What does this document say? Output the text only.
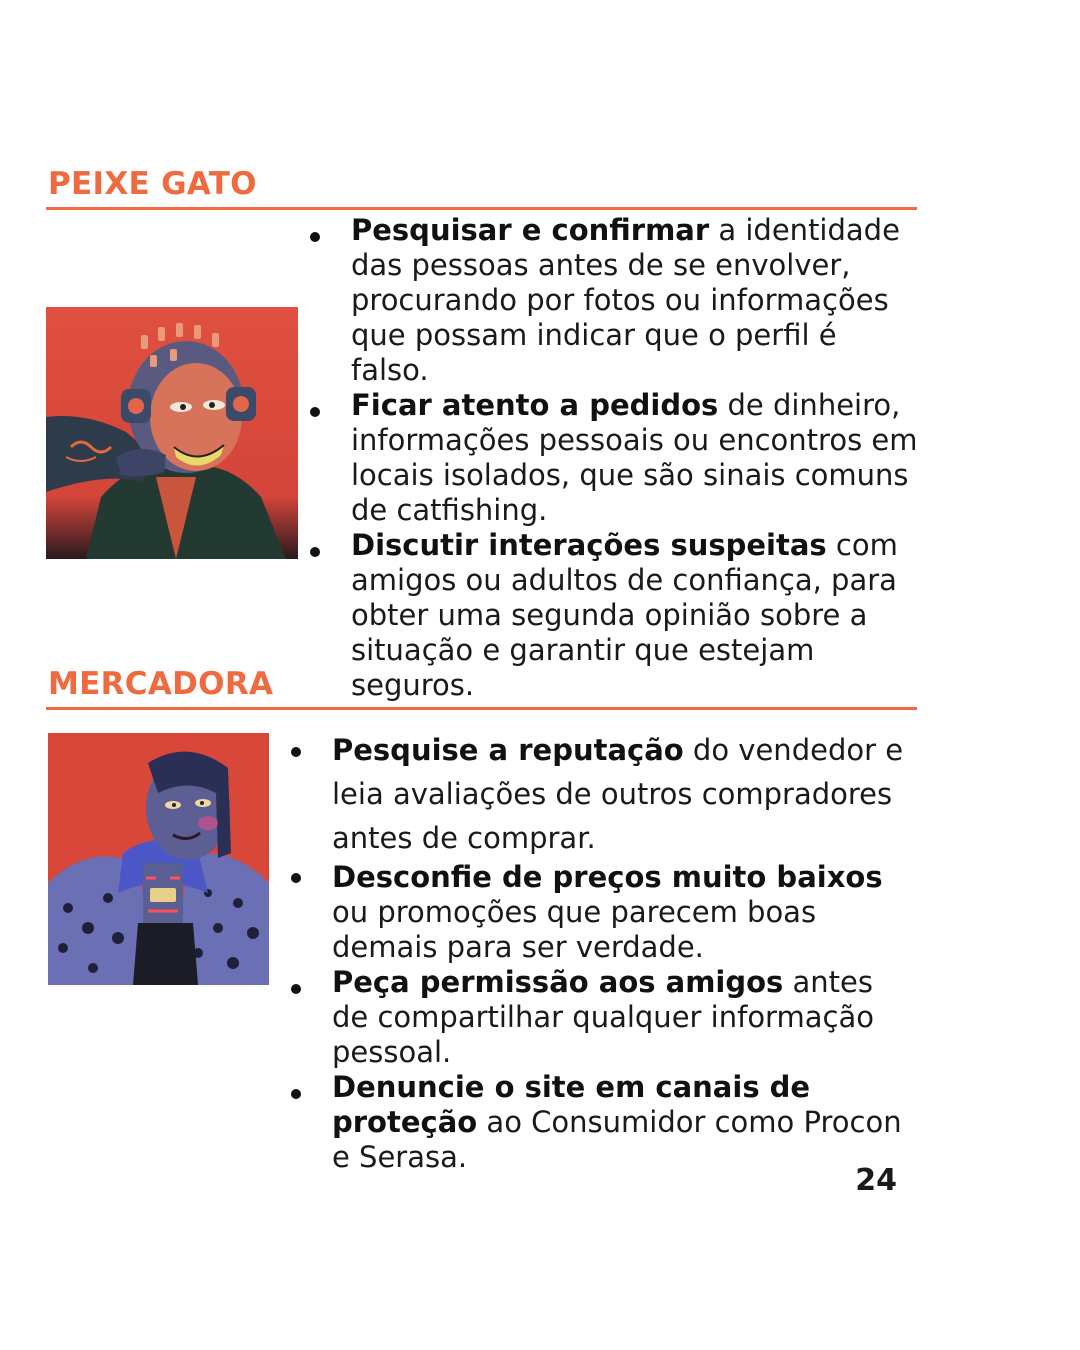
PEIXE GATO
Pesquisar e confirmar a identidade das pessoas antes de se envolver, procurando por fotos ou informações que possam indicar que o perfil é falso.
Ficar atento a pedidos de dinheiro, informações pessoais ou encontros em locais isolados, que são sinais comuns de catfishing.
Discutir interações suspeitas com amigos ou adultos de confiança, para obter uma segunda opinião sobre a situação e garantir que estejam seguros.
MERCADORA
Pesquise a reputação do vendedor e leia avaliações de outros compradores antes de comprar.
Desconfie de preços muito baixos ou promoções que parecem boas demais para ser verdade.
Peça permissão aos amigos antes de compartilhar qualquer informação pessoal.
Denuncie o site em canais de proteção ao Consumidor como Procon e Serasa.
24
